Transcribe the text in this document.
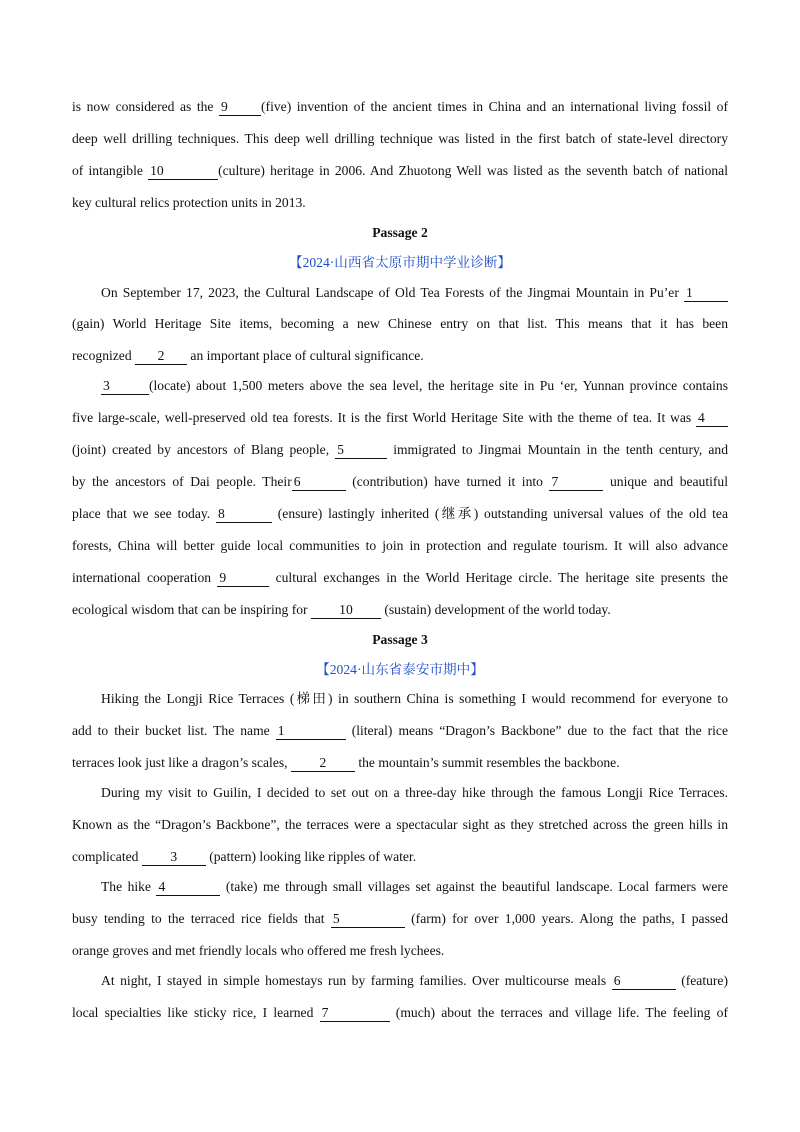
is now considered as the 9 (five) invention of the ancient times in China and an international living fossil of
deep well drilling techniques. This deep well drilling technique was listed in the first batch of state-level directory
of intangible 10	(culture) heritage in 2006. And Zhuotong Well was listed as the seventh batch of national
key cultural relics protection units in 2013.
Passage 2
【2024·山西省太原市期中学业诊断】
On September 17, 2023, the Cultural Landscape of Old Tea Forests of the Jingmai Mountain in Pu’er 1
(gain) World Heritage Site items, becoming a new Chinese entry on that list. This means that it has been
recognized 2 an important place of cultural significance.
3	(locate) about 1,500 meters above the sea level, the heritage site in Pu ‘er, Yunnan province contains
five large-scale, well-preserved old tea forests. It is the first World Heritage Site with the theme of tea. It was 4
(joint) created by ancestors of Blang people, 5	immigrated to Jingmai Mountain in the tenth century, and
by the ancestors of Dai people. Their 6	(contribution) have turned it into 7	unique and beautiful
place that we see today. 8	(ensure) lastingly inherited (继承) outstanding universal values of the old tea
forests, China will better guide local communities to join in protection and regulate tourism. It will also advance
international cooperation 9	cultural exchanges in the World Heritage circle. The heritage site presents the
ecological wisdom that can be inspiring for 10 (sustain) development of the world today.
Passage 3
【2024·山东省泰安市期中】
Hiking the Longji Rice Terraces (梯田) in southern China is something I would recommend for everyone to
add to their bucket list. The name 1	(literal) means “Dragon’s Backbone” due to the fact that the rice
terraces look just like a dragon’s scales, 2 the mountain’s summit resembles the backbone.
During my visit to Guilin, I decided to set out on a three-day hike through the famous Longji Rice Terraces.
Known as the “Dragon’s Backbone”, the terraces were a spectacular sight as they stretched across the green hills in
complicated 3 (pattern) looking like ripples of water.
The hike 4	(take) me through small villages set against the beautiful landscape. Local farmers were
busy tending to the terraced rice fields that 5	(farm) for over 1,000 years. Along the paths, I passed
orange groves and met friendly locals who offered me fresh lychees.
At night, I stayed in simple homestays run by farming families. Over multicourse meals 6	(feature)
local specialties like sticky rice, I learned 7	(much) about the terraces and village life. The feeling of
